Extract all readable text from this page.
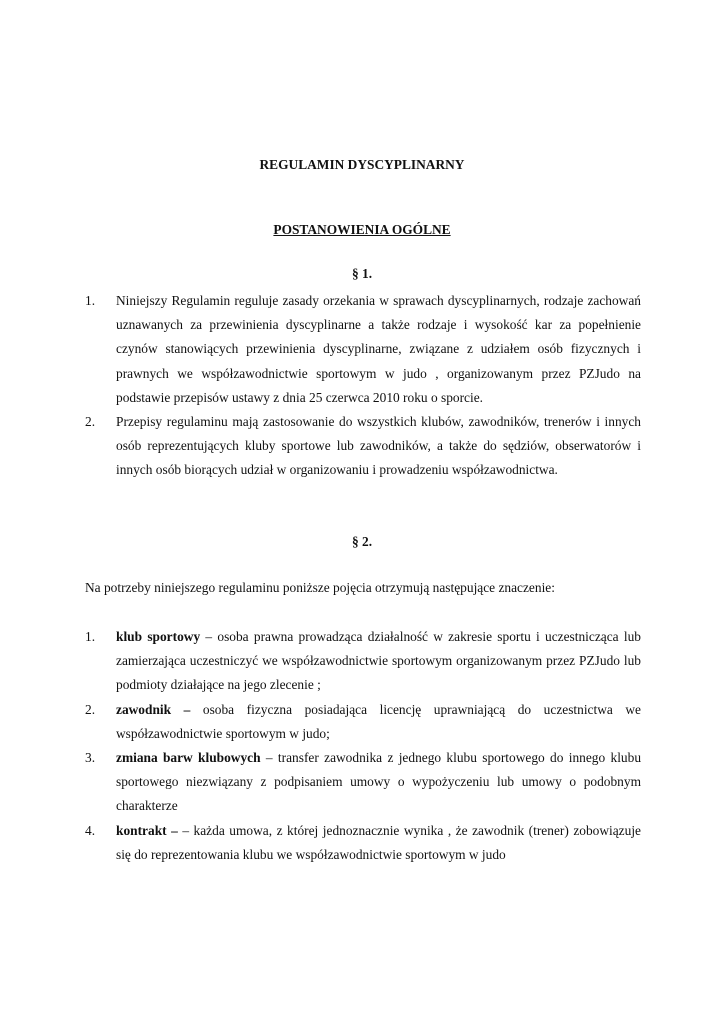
REGULAMIN DYSCYPLINARNY
POSTANOWIENIA OGÓLNE
§ 1.
1. Niniejszy Regulamin reguluje zasady orzekania w sprawach dyscyplinarnych, rodzaje zachowań uznawanych za przewinienia dyscyplinarne a także rodzaje i wysokość kar za popełnienie czynów stanowiących przewinienia dyscyplinarne, związane z udziałem osób fizycznych i prawnych we współzawodnictwie sportowym w judo , organizowanym przez PZJudo na podstawie przepisów ustawy z dnia 25 czerwca 2010 roku o sporcie.
2. Przepisy regulaminu mają zastosowanie do wszystkich klubów, zawodników, trenerów i innych osób reprezentujących kluby sportowe lub zawodników, a także do sędziów, obserwatorów i innych osób biorących udział w organizowaniu i prowadzeniu współzawodnictwa.
§ 2.

Na potrzeby niniejszego regulaminu poniższe pojęcia otrzymują następujące znaczenie:

1. klub sportowy – osoba prawna prowadząca działalność w zakresie sportu i uczestnicząca lub zamierzająca uczestniczyć we współzawodnictwie sportowym organizowanym przez PZJudo lub podmioty działające na jego zlecenie ;
2. zawodnik – osoba fizyczna posiadająca licencję uprawniającą do uczestnictwa we współzawodnictwie sportowym w judo;
3. zmiana barw klubowych – transfer zawodnika z jednego klubu sportowego do innego klubu sportowego niezwiązany z podpisaniem umowy o wypożyczeniu lub umowy o podobnym charakterze
4. kontrakt – – każda umowa, z której jednoznacznie wynika , że zawodnik (trener) zobowiązuje się do reprezentowania klubu we współzawodnictwie sportowym w judo
